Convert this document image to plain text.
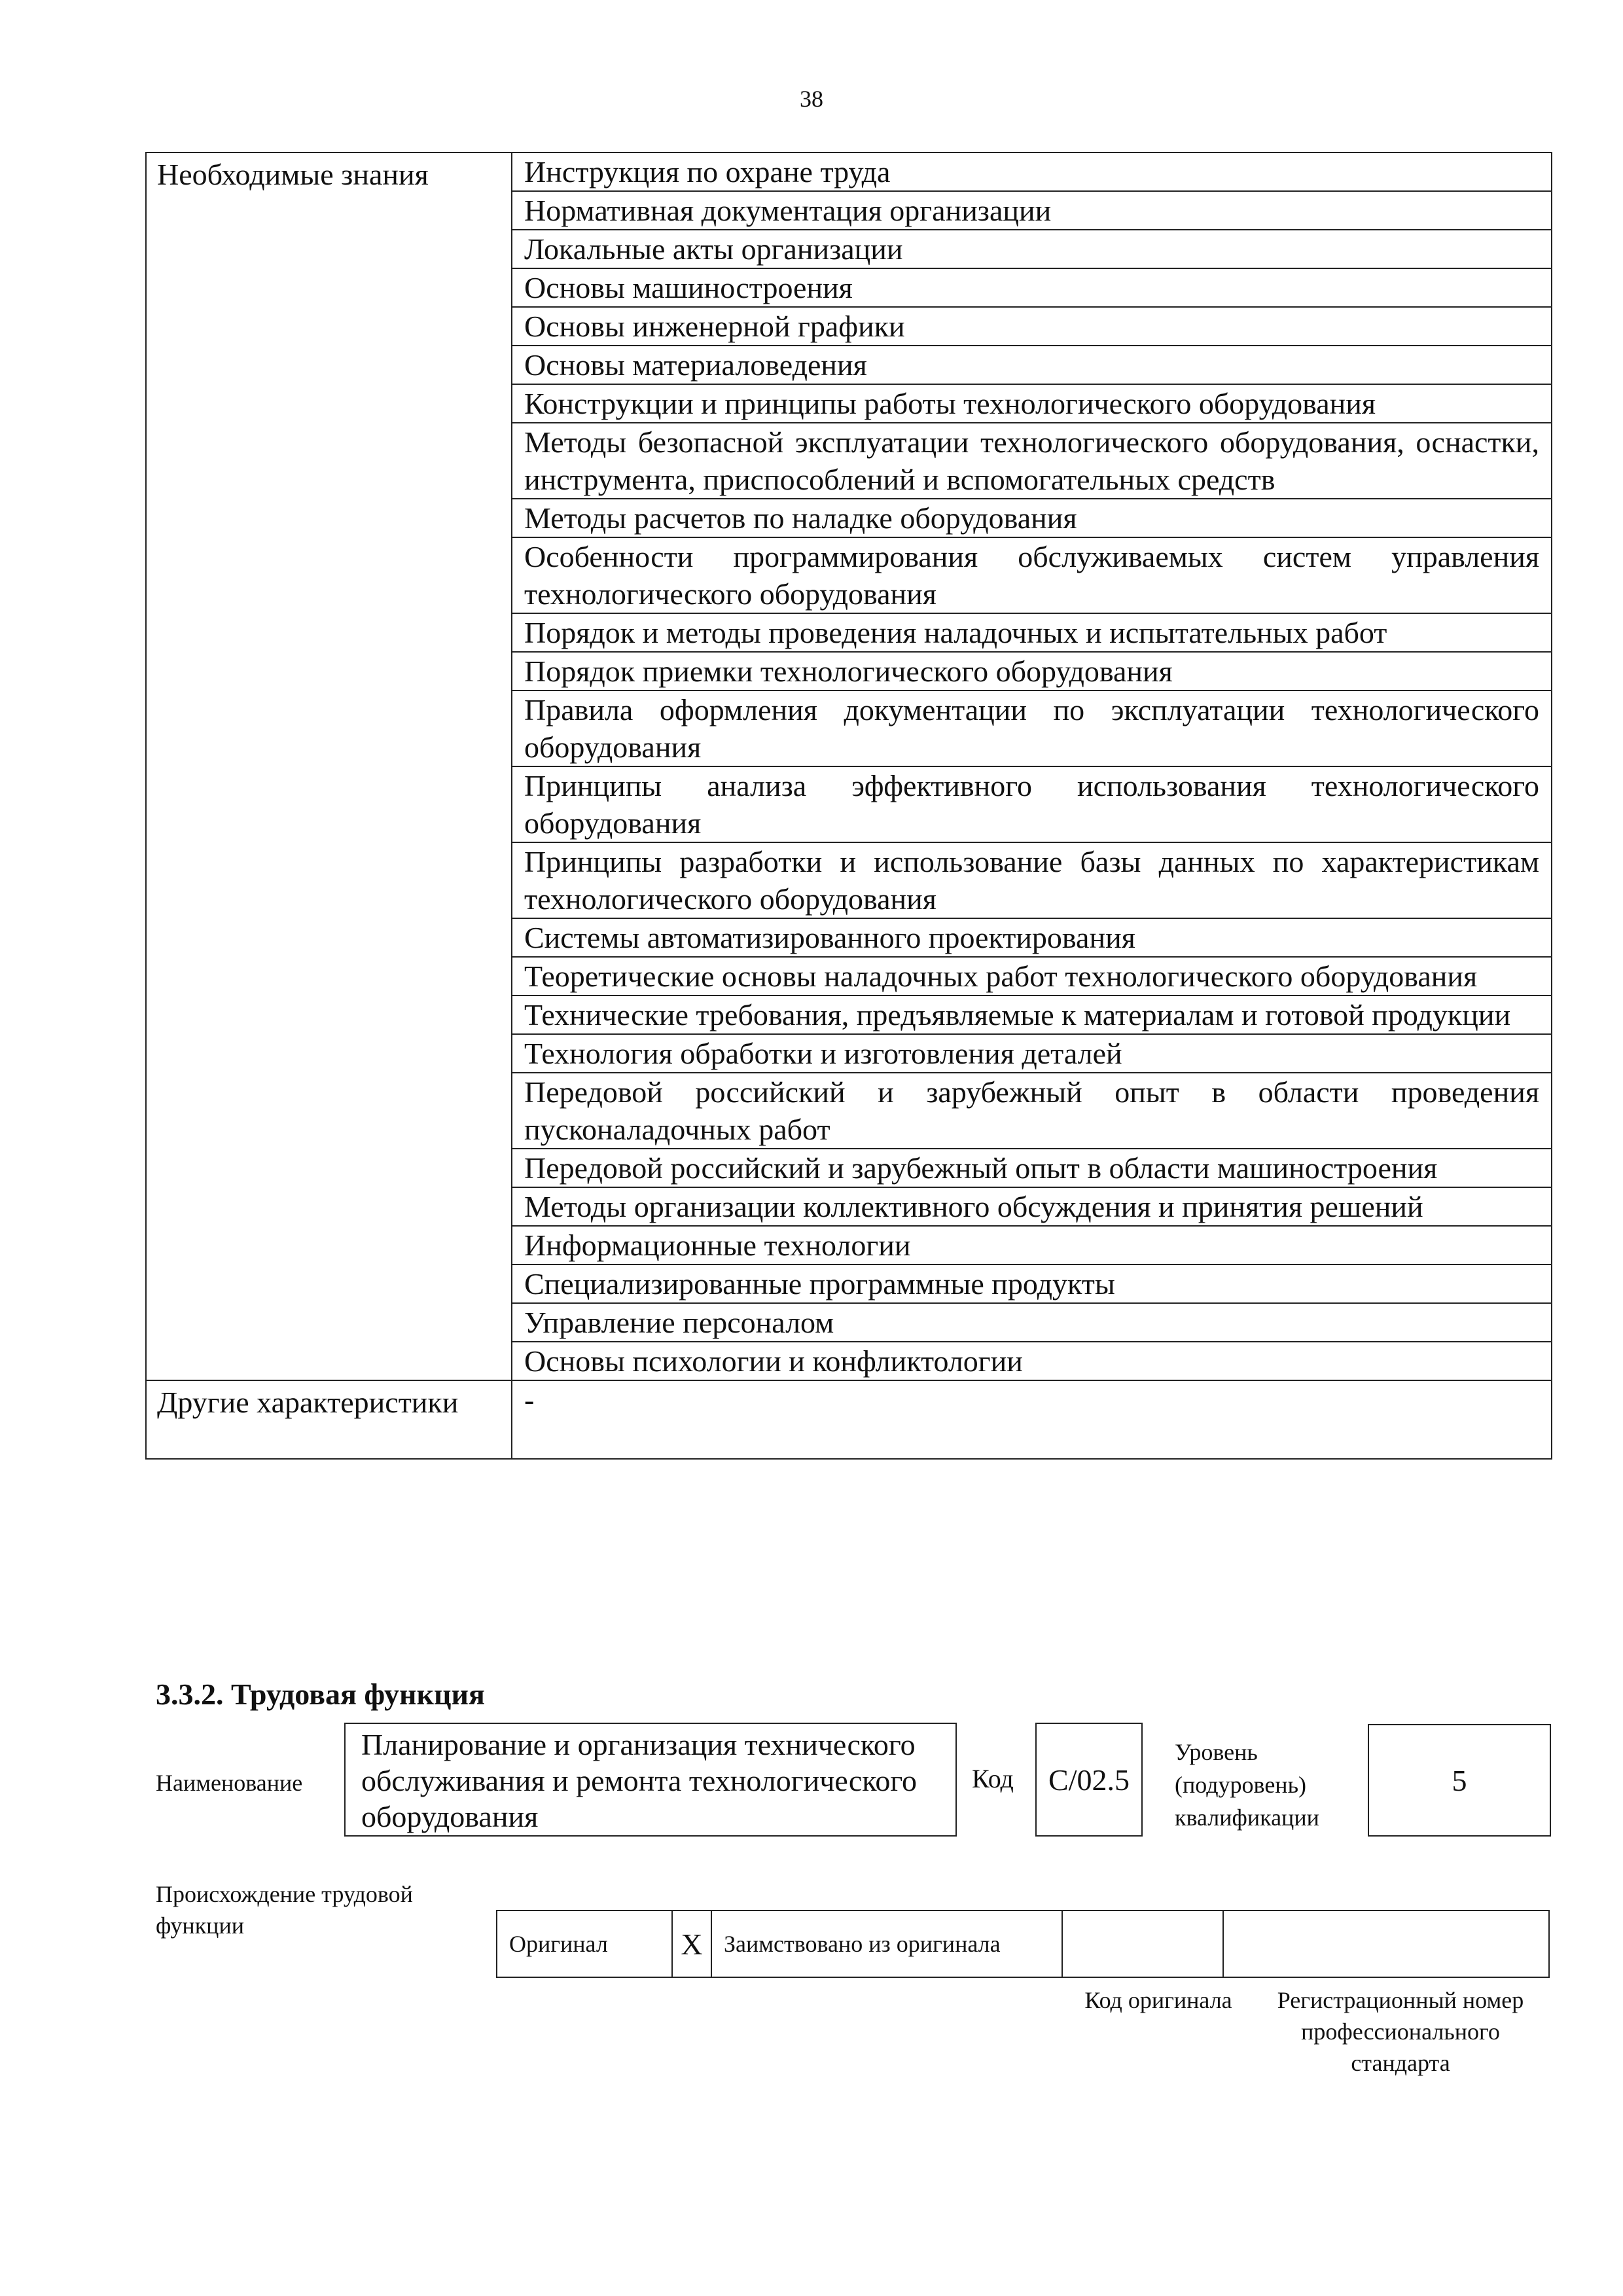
38
Необходимые знания	Инструкция по охране труда
	Нормативная документация организации
	Локальные акты организации
	Основы машиностроения
	Основы инженерной графики
	Основы материаловедения
	Конструкции и принципы работы технологического оборудования
	Методы безопасной эксплуатации технологического оборудования, оснастки, инструмента, приспособлений и вспомогательных средств
	Методы расчетов по наладке оборудования
	Особенности программирования обслуживаемых систем управления технологического оборудования
	Порядок и методы проведения наладочных и испытательных работ
	Порядок приемки технологического оборудования
	Правила оформления документации по эксплуатации технологического оборудования
	Принципы анализа эффективного использования технологического оборудования
	Принципы разработки и использование базы данных по характеристикам технологического оборудования
	Системы автоматизированного проектирования
	Теоретические основы наладочных работ технологического оборудования
	Технические требования, предъявляемые к материалам и готовой продукции
	Технология обработки и изготовления деталей
	Передовой российский и зарубежный опыт в области проведения пусконаладочных работ
	Передовой российский и зарубежный опыт в области машиностроения
	Методы организации коллективного обсуждения и принятия решений
	Информационные технологии
	Специализированные программные продукты
	Управление персоналом
	Основы психологии и конфликтологии
Другие характеристики	-
3.3.2. Трудовая функция
Наименование
Планирование и организация технического обслуживания и ремонта технологического оборудования
Код	С/02.5
Уровень (подуровень) квалификации
5
Происхождение трудовой функции
Оригинал	Х	Заимствовано из оригинала		
Код оригинала	Регистрационный номер профессионального стандарта
